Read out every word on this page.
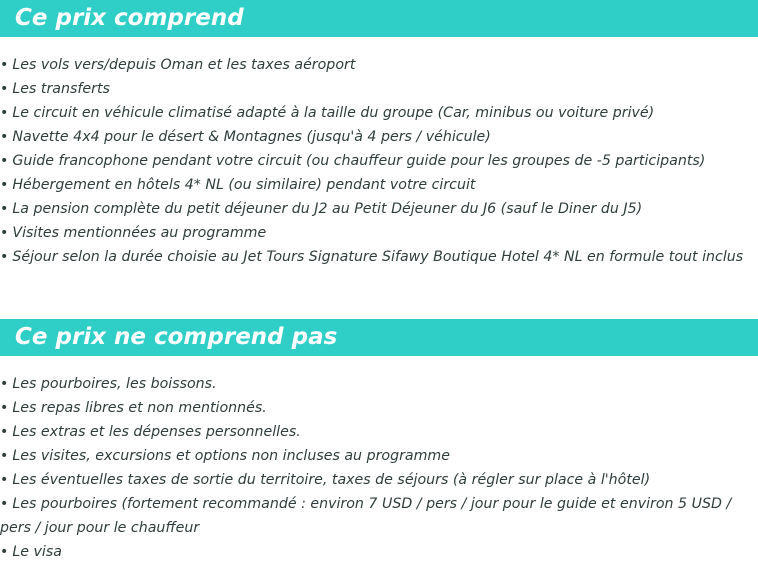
Ce prix comprend
• Les vols vers/depuis Oman et les taxes aéroport
• Les transferts
• Le circuit en véhicule climatisé adapté à la taille du groupe (Car, minibus ou voiture privé)
• Navette 4x4 pour le désert & Montagnes (jusqu'à 4 pers / véhicule)
• Guide francophone pendant votre circuit (ou chauffeur guide pour les groupes de -5 participants)
• Hébergement en hôtels 4* NL (ou similaire) pendant votre circuit
• La pension complète du petit déjeuner du J2 au Petit Déjeuner du J6 (sauf le Diner du J5)
• Visites mentionnées au programme
• Séjour selon la durée choisie au Jet Tours Signature Sifawy Boutique Hotel 4* NL en formule tout inclus
Ce prix ne comprend pas
• Les pourboires, les boissons.
• Les repas libres et non mentionnés.
• Les extras et les dépenses personnelles.
• Les visites, excursions et options non incluses au programme
• Les éventuelles taxes de sortie du territoire, taxes de séjours (à régler sur place à l'hôtel)
• Les pourboires (fortement recommandé : environ 7 USD / pers / jour pour le guide et environ 5 USD / pers / jour pour le chauffeur
• Le visa
